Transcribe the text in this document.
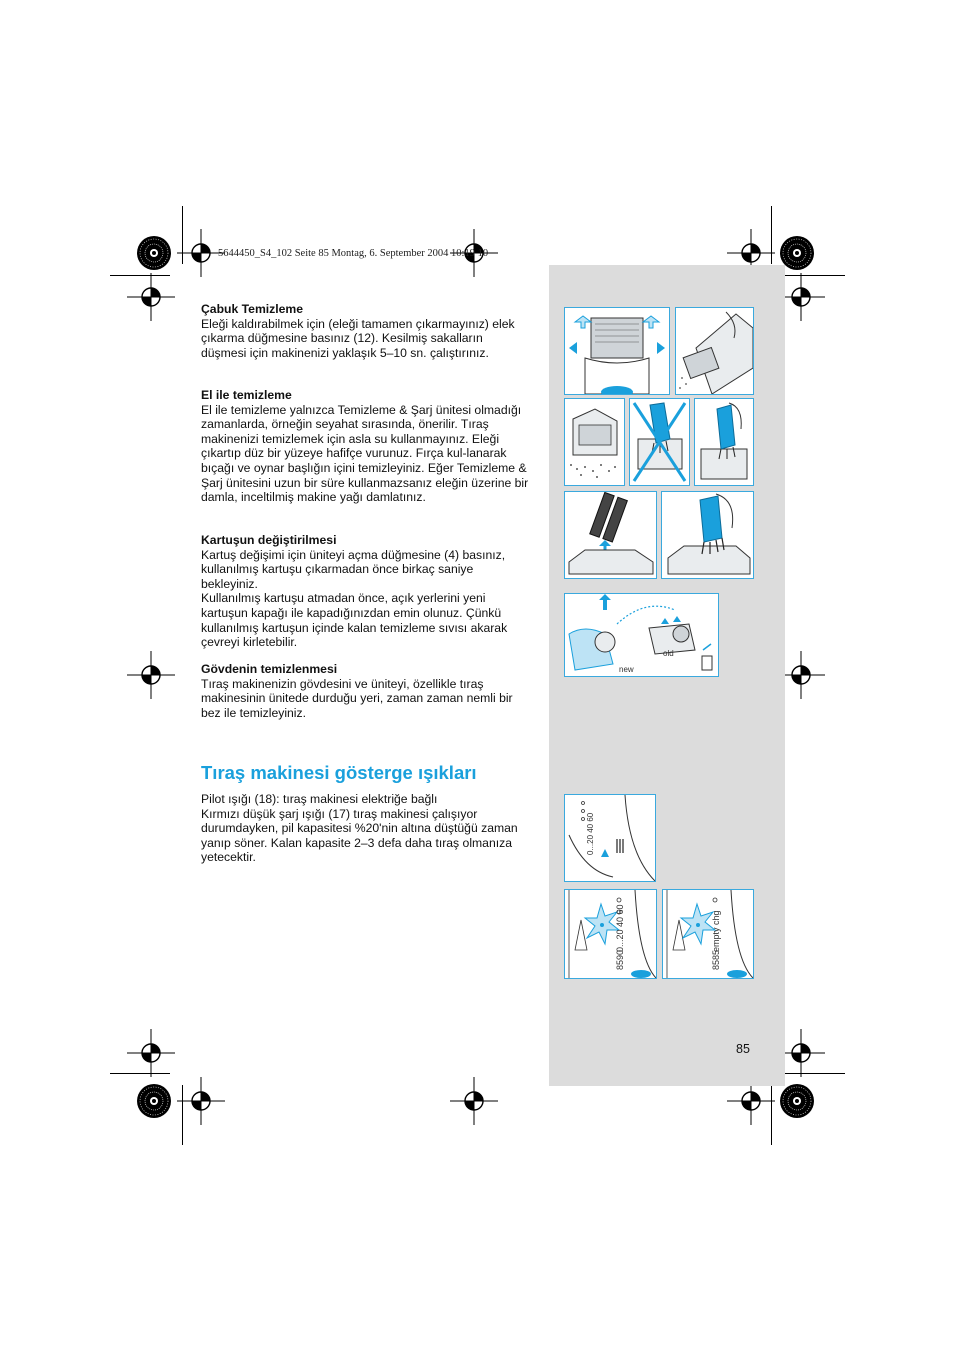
5644450_S4_102 Seite 85 Montag, 6. September 2004 10:19 10
Çabuk Temizleme

Eleği kaldırabilmek için (eleği tamamen çıkarmayınız) elek çıkarma düğmesine basınız (12). Kesilmiş sakalların düşmesi için makinenizi yaklaşık 5–10 sn. çalıştırınız.

El ile temizleme

El ile temizleme yalnızca Temizleme & Şarj ünitesi olmadığı zamanlarda, örneğin seyahat sırasında, önerilir. Tıraş makinenizi temizlemek için asla su kullanmayınız. Eleği çıkartıp düz bir yüzeye hafifçe vurunuz. Fırça kul-lanarak bıçağı ve oynar başlığın içini temizleyiniz. Eğer Temizleme & Şarj ünitesini uzun bir süre kullanmazsanız eleğin üzerine bir damla, inceltilmiş makine yağı damlatınız.

Kartuşun değiştirilmesi

Kartuş değişimi için üniteyi açma düğmesine (4) basınız, kullanılmış kartuşu çıkarmadan önce birkaç saniye bekleyiniz.

Kullanılmış kartuşu atmadan önce, açık yerlerini yeni kartuşun kapağı ile kapadığınızdan emin olunuz. Çünkü kullanılmış kartuşun içinde kalan temizleme sıvısı akarak çevreyi kirletebilir.

Gövdenin temizlenmesi

Tıraş makinenizin gövdesini ve üniteyi, özellikle tıraş makinesinin ünitede durduğu yeri, zaman zaman nemli bir bez ile temizleyiniz.

Tıraş makinesi gösterge ışıkları

Pilot ışığı (18): tıraş makinesi elektriğe bağlı

Kırmızı düşük şarj ışığı (17) tıraş makinesi çalışıyor durumdayken, pil kapasitesi %20'nin altına düştüğü zaman yanıp söner. Kalan kapasite 2–3 defa daha tıraş olmanıza yetecektir.

85
new
old
0...20 40 60
8590
0...20 40 60
8585
empty chg
